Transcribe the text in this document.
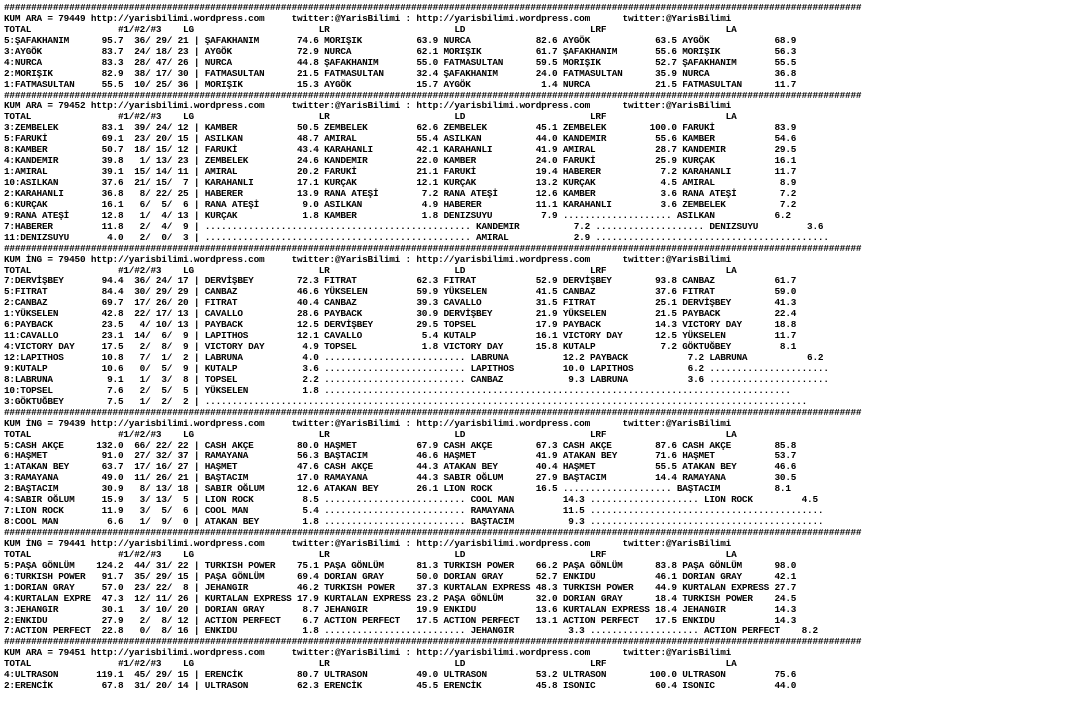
##############################################################################################################################################################
KUM ARA = 79449 http://yarisbilimi.wordpress.com     twitter:@YarisBilimi : http://yarisbilimi.wordpress.com      twitter:@YarisBilimi
TOTAL                #1/#2/#3    LG                       LR                       LD                       LRF                      LA
5:ŞAFAKHANIM      95.7  36/ 29/ 21 | ŞAFAKHANIM       74.6 MORIŞIK          63.9 NURCA            82.6 AYGÖK            63.5 AYGÖK            68.9
3:AYGÖK           83.7  24/ 18/ 23 | AYGÖK            72.9 NURCA            62.1 MORIŞIK          61.7 ŞAFAKHANIM       55.6 MORIŞIK          56.3
4:NURCA           83.3  28/ 47/ 26 | NURCA            44.8 ŞAFAKHANIM       55.0 FATMASULTAN      59.5 MORIŞIK          52.7 ŞAFAKHANIM       55.5
2:MORIŞIK         82.9  38/ 17/ 30 | FATMASULTAN      21.5 FATMASULTAN      32.4 ŞAFAKHANIM       24.0 FATMASULTAN      35.9 NURCA            36.8
1:FATMASULTAN     55.5  10/ 25/ 36 | MORIŞIK          15.3 AYGÖK            15.7 AYGÖK             1.4 NURCA            21.5 FATMASULTAN      11.7
##############################################################################################################################################################
KUM ARA = 79452 http://yarisbilimi.wordpress.com     twitter:@YarisBilimi : http://yarisbilimi.wordpress.com      twitter:@YarisBilimi
TOTAL                #1/#2/#3    LG                       LR                       LD                       LRF                      LA
3:ZEMBELEK        83.1  39/ 24/ 12 | KAMBER           50.5 ZEMBELEK         62.6 ZEMBELEK         45.1 ZEMBELEK        100.0 FARUKİ           83.9
5:FARUKİ          69.1  23/ 20/ 15 | ASILKAN          48.7 AMIRAL           55.4 ASILKAN          44.0 KANDEMIR         55.6 KAMBER           54.6
8:KAMBER          50.7  18/ 15/ 12 | FARUKİ           43.4 KARAHANLI        42.1 KARAHANLI        41.9 AMIRAL           28.7 KANDEMIR         29.5
4:KANDEMIR        39.8   1/ 13/ 23 | ZEMBELEK         24.6 KANDEMIR         22.0 KAMBER           24.0 FARUKİ           25.9 KURÇAK           16.1
1:AMIRAL          39.1  15/ 14/ 11 | AMIRAL           20.2 FARUKİ           21.1 FARUKİ           19.4 HABERER           7.2 KARAHANLI        11.7
10:ASILKAN        37.6  21/ 15/  7 | KARAHANLI        17.1 KURÇAK           12.1 KURÇAK           13.2 KURÇAK            4.5 AMIRAL            8.9
2:KARAHANLI       36.8   8/ 22/ 25 | HABERER          13.9 RANA ATEŞİ        7.2 RANA ATEŞİ       12.6 KAMBER            3.6 RANA ATEŞİ        7.2
6:KURÇAK          16.1   6/  5/  6 | RANA ATEŞİ        9.0 ASILKAN           4.9 HABERER          11.1 KARAHANLI         3.6 ZEMBELEK          7.2
9:RANA ATEŞİ      12.8   1/  4/ 13 | KURÇAK            1.8 KAMBER            1.8 DENIZSUYU         7.9 .................... ASILKAN           6.2
7:HABERER         11.8   2/  4/  9 | ................................................. KANDEMIR          7.2 .................... DENIZSUYU         3.6
11:DENIZSUYU       4.0   2/  0/  3 | ................................................. AMIRAL            2.9 ...........................................
##############################################################################################################################################################
KUM İNG = 79450 http://yarisbilimi.wordpress.com     twitter:@YarisBilimi : http://yarisbilimi.wordpress.com      twitter:@YarisBilimi
TOTAL                #1/#2/#3    LG                       LR                       LD                       LRF                      LA
7:DERVİŞBEY       94.4  36/ 24/ 17 | DERVİŞBEY        72.3 FITRAT           62.3 FITRAT           52.9 DERVİŞBEY        93.8 CANBAZ           61.7
5:FITRAT          84.4  30/ 29/ 29 | CANBAZ           46.6 YÜKSELEN         59.9 YÜKSELEN         41.5 CANBAZ           37.6 FITRAT           59.0
2:CANBAZ          69.7  17/ 26/ 20 | FITRAT           40.4 CANBAZ           39.3 CAVALLO          31.5 FITRAT           25.1 DERVİŞBEY        41.3
1:YÜKSELEN        42.8  22/ 17/ 13 | CAVALLO          28.6 PAYBACK          30.9 DERVİŞBEY        21.9 YÜKSELEN         21.5 PAYBACK          22.4
6:PAYBACK         23.5   4/ 10/ 13 | PAYBACK          12.5 DERVİŞBEY        29.5 TOPSEL           17.9 PAYBACK          14.3 VICTORY DAY      18.8
11:CAVALLO        23.1  14/  6/  9 | LAPITHOS         12.1 CAVALLO           5.4 KUTALP           16.1 VICTORY DAY      12.5 YÜKSELEN         11.7
4:VICTORY DAY     17.5   2/  8/  9 | VICTORY DAY       4.9 TOPSEL            1.8 VICTORY DAY      15.8 KUTALP            7.2 GÖKTUĞBEY         8.1
12:LAPITHOS       10.8   7/  1/  2 | LABRUNA           4.0 .......................... LABRUNA          12.2 PAYBACK           7.2 LABRUNA           6.2
9:KUTALP          10.6   0/  5/  9 | KUTALP            3.6 .......................... LAPITHOS         10.0 LAPITHOS          6.2 ......................
8:LABRUNA          9.1   1/  3/  8 | TOPSEL            2.2 .......................... CANBAZ            9.3 LABRUNA           3.6 ......................
10:TOPSEL          7.6   2/  5/  5 | YÜKSELEN          1.8 ......................................................................................
3:GÖKTUĞBEY        7.5   1/  2/  2 | ...............................................................................................................
##############################################################################################################################################################
KUM İNG = 79439 http://yarisbilimi.wordpress.com     twitter:@YarisBilimi : http://yarisbilimi.wordpress.com      twitter:@YarisBilimi
TOTAL                #1/#2/#3    LG                       LR                       LD                       LRF                      LA
5:CASH AKÇE      132.0  66/ 22/ 22 | CASH AKÇE        80.0 HAŞMET           67.9 CASH AKÇE        67.3 CASH AKÇE        87.6 CASH AKÇE        85.8
6:HAŞMET          91.0  27/ 32/ 37 | RAMAYANA         56.3 BAŞTACIM         46.6 HAŞMET           41.9 ATAKAN BEY       71.6 HAŞMET           53.7
1:ATAKAN BEY      63.7  17/ 16/ 27 | HAŞMET           47.6 CASH AKÇE        44.3 ATAKAN BEY       40.4 HAŞMET           55.5 ATAKAN BEY       46.6
3:RAMAYANA        49.0  11/ 26/ 21 | BAŞTACIM         17.0 RAMAYANA         44.3 SABIR OĞLUM      27.9 BAŞTACIM         14.4 RAMAYANA         30.5
2:BAŞTACIM        30.9   8/ 13/ 18 | SABIR OĞLUM      12.6 ATAKAN BEY       26.1 LION ROCK        16.5 .................... BAŞTACIM          8.1
4:SABIR OĞLUM     15.9   3/ 13/  5 | LION ROCK         8.5 .......................... COOL MAN         14.3 .................... LION ROCK         4.5
7:LION ROCK       11.9   3/  5/  6 | COOL MAN          5.4 .......................... RAMAYANA         11.5 ...........................................
8:COOL MAN         6.6   1/  9/  0 | ATAKAN BEY        1.8 .......................... BAŞTACIM          9.3 ...........................................
##############################################################################################################################################################
KUM İNG = 79441 http://yarisbilimi.wordpress.com     twitter:@YarisBilimi : http://yarisbilimi.wordpress.com      twitter:@YarisBilimi
TOTAL                #1/#2/#3    LG                       LR                       LD                       LRF                      LA
5:PAŞA GÖNLÜM    124.2  44/ 31/ 22 | TURKISH POWER    75.1 PAŞA GÖNLÜM      81.3 TURKISH POWER    66.2 PAŞA GÖNLÜM      83.8 PAŞA GÖNLÜM      98.0
6:TURKISH POWER   91.7  35/ 29/ 15 | PAŞA GÖNLÜM      69.4 DORIAN GRAY      50.0 DORIAN GRAY      52.7 ENKIDU           46.1 DORIAN GRAY      42.1
1:DORIAN GRAY     57.0  23/ 22/  8 | JEHANGIR         46.2 TURKISH POWER    37.3 KURTALAN EXPRESS 48.3 TURKISH POWER    44.9 KURTALAN EXPRESS 27.7
4:KURTALAN EXPRE  47.3  12/ 11/ 26 | KURTALAN EXPRESS 17.9 KURTALAN EXPRESS 23.2 PAŞA GÖNLÜM      32.0 DORIAN GRAY      18.4 TURKISH POWER    24.5
3:JEHANGIR        30.1   3/ 10/ 20 | DORIAN GRAY       8.7 JEHANGIR         19.9 ENKIDU           13.6 KURTALAN EXPRESS 18.4 JEHANGIR         14.3
2:ENKIDU          27.9   2/  8/ 12 | ACTION PERFECT    6.7 ACTION PERFECT   17.5 ACTION PERFECT   13.1 ACTION PERFECT   17.5 ENKIDU           14.3
7:ACTION PERFECT  22.8   0/  8/ 16 | ENKIDU            1.8 .......................... JEHANGIR          3.3 .................... ACTION PERFECT    8.2
##############################################################################################################################################################
KUM ARA = 79451 http://yarisbilimi.wordpress.com     twitter:@YarisBilimi : http://yarisbilimi.wordpress.com      twitter:@YarisBilimi
TOTAL                #1/#2/#3    LG                       LR                       LD                       LRF                      LA
4:ULTRASON       119.1  45/ 29/ 15 | ERENCİK          80.7 ULTRASON         49.0 ULTRASON         53.2 ULTRASON        100.0 ULTRASON         75.6
2:ERENCİK         67.8  31/ 20/ 14 | ULTRASON         62.3 ERENCİK          45.5 ERENCİK          45.8 ISONIC           60.4 ISONIC           44.0
